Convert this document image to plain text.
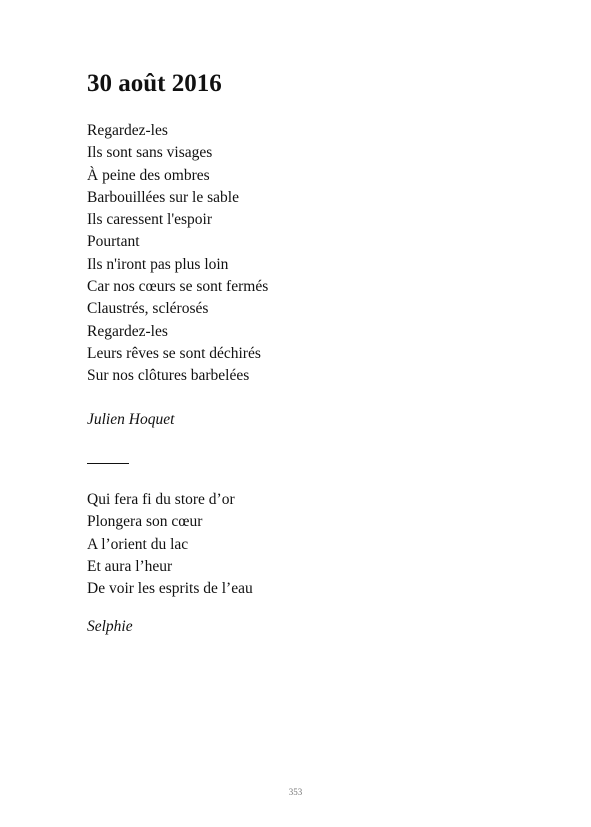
30 août 2016
Regardez-les
Ils sont sans visages
À peine des ombres
Barbouillées sur le sable
Ils caressent l'espoir
Pourtant
Ils n'iront pas plus loin
Car nos cœurs se sont fermés
Claustrés, sclérosés
Regardez-les
Leurs rêves se sont déchirés
Sur nos clôtures barbelées
Julien Hoquet
Qui fera fi du store d’or
Plongera son cœur
A l’orient du lac
Et aura l’heur
De voir les esprits de l’eau
Selphie
353
